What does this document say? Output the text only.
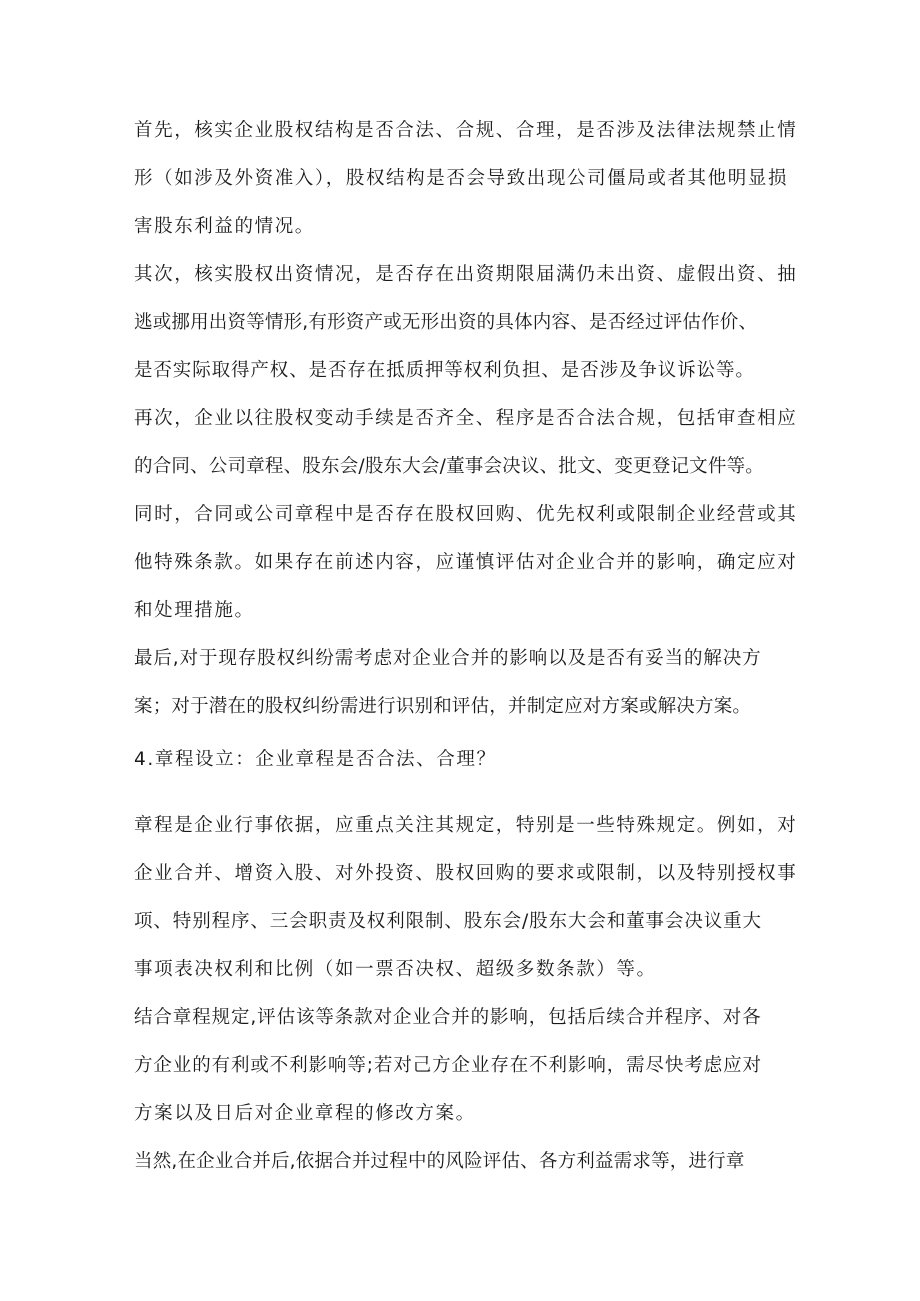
首先，核实企业股权结构是否合法、合规、合理，是否涉及法律法规禁止情
形（如涉及外资准入），股权结构是否会导致出现公司僵局或者其他明显损
害股东利益的情况。
其次，核实股权出资情况，是否存在出资期限届满仍未出资、虚假出资、抽
逃或挪用出资等情形,有形资产或无形出资的具体内容、是否经过评估作价、
是否实际取得产权、是否存在抵质押等权利负担、是否涉及争议诉讼等。
再次，企业以往股权变动手续是否齐全、程序是否合法合规，包括审查相应
的合同、公司章程、股东会/股东大会/董事会决议、批文、变更登记文件等。
同时，合同或公司章程中是否存在股权回购、优先权利或限制企业经营或其
他特殊条款。如果存在前述内容，应谨慎评估对企业合并的影响，确定应对
和处理措施。
最后,对于现存股权纠纷需考虑对企业合并的影响以及是否有妥当的解决方
案；对于潜在的股权纠纷需进行识别和评估，并制定应对方案或解决方案。
4.章程设立：企业章程是否合法、合理？
章程是企业行事依据，应重点关注其规定，特别是一些特殊规定。例如，对
企业合并、增资入股、对外投资、股权回购的要求或限制，以及特别授权事
项、特别程序、三会职责及权利限制、股东会/股东大会和董事会决议重大
事项表决权利和比例（如一票否决权、超级多数条款）等。
结合章程规定,评估该等条款对企业合并的影响，包括后续合并程序、对各
方企业的有利或不利影响等;若对己方企业存在不利影响，需尽快考虑应对
方案以及日后对企业章程的修改方案。
当然,在企业合并后,依据合并过程中的风险评估、各方利益需求等，进行章
